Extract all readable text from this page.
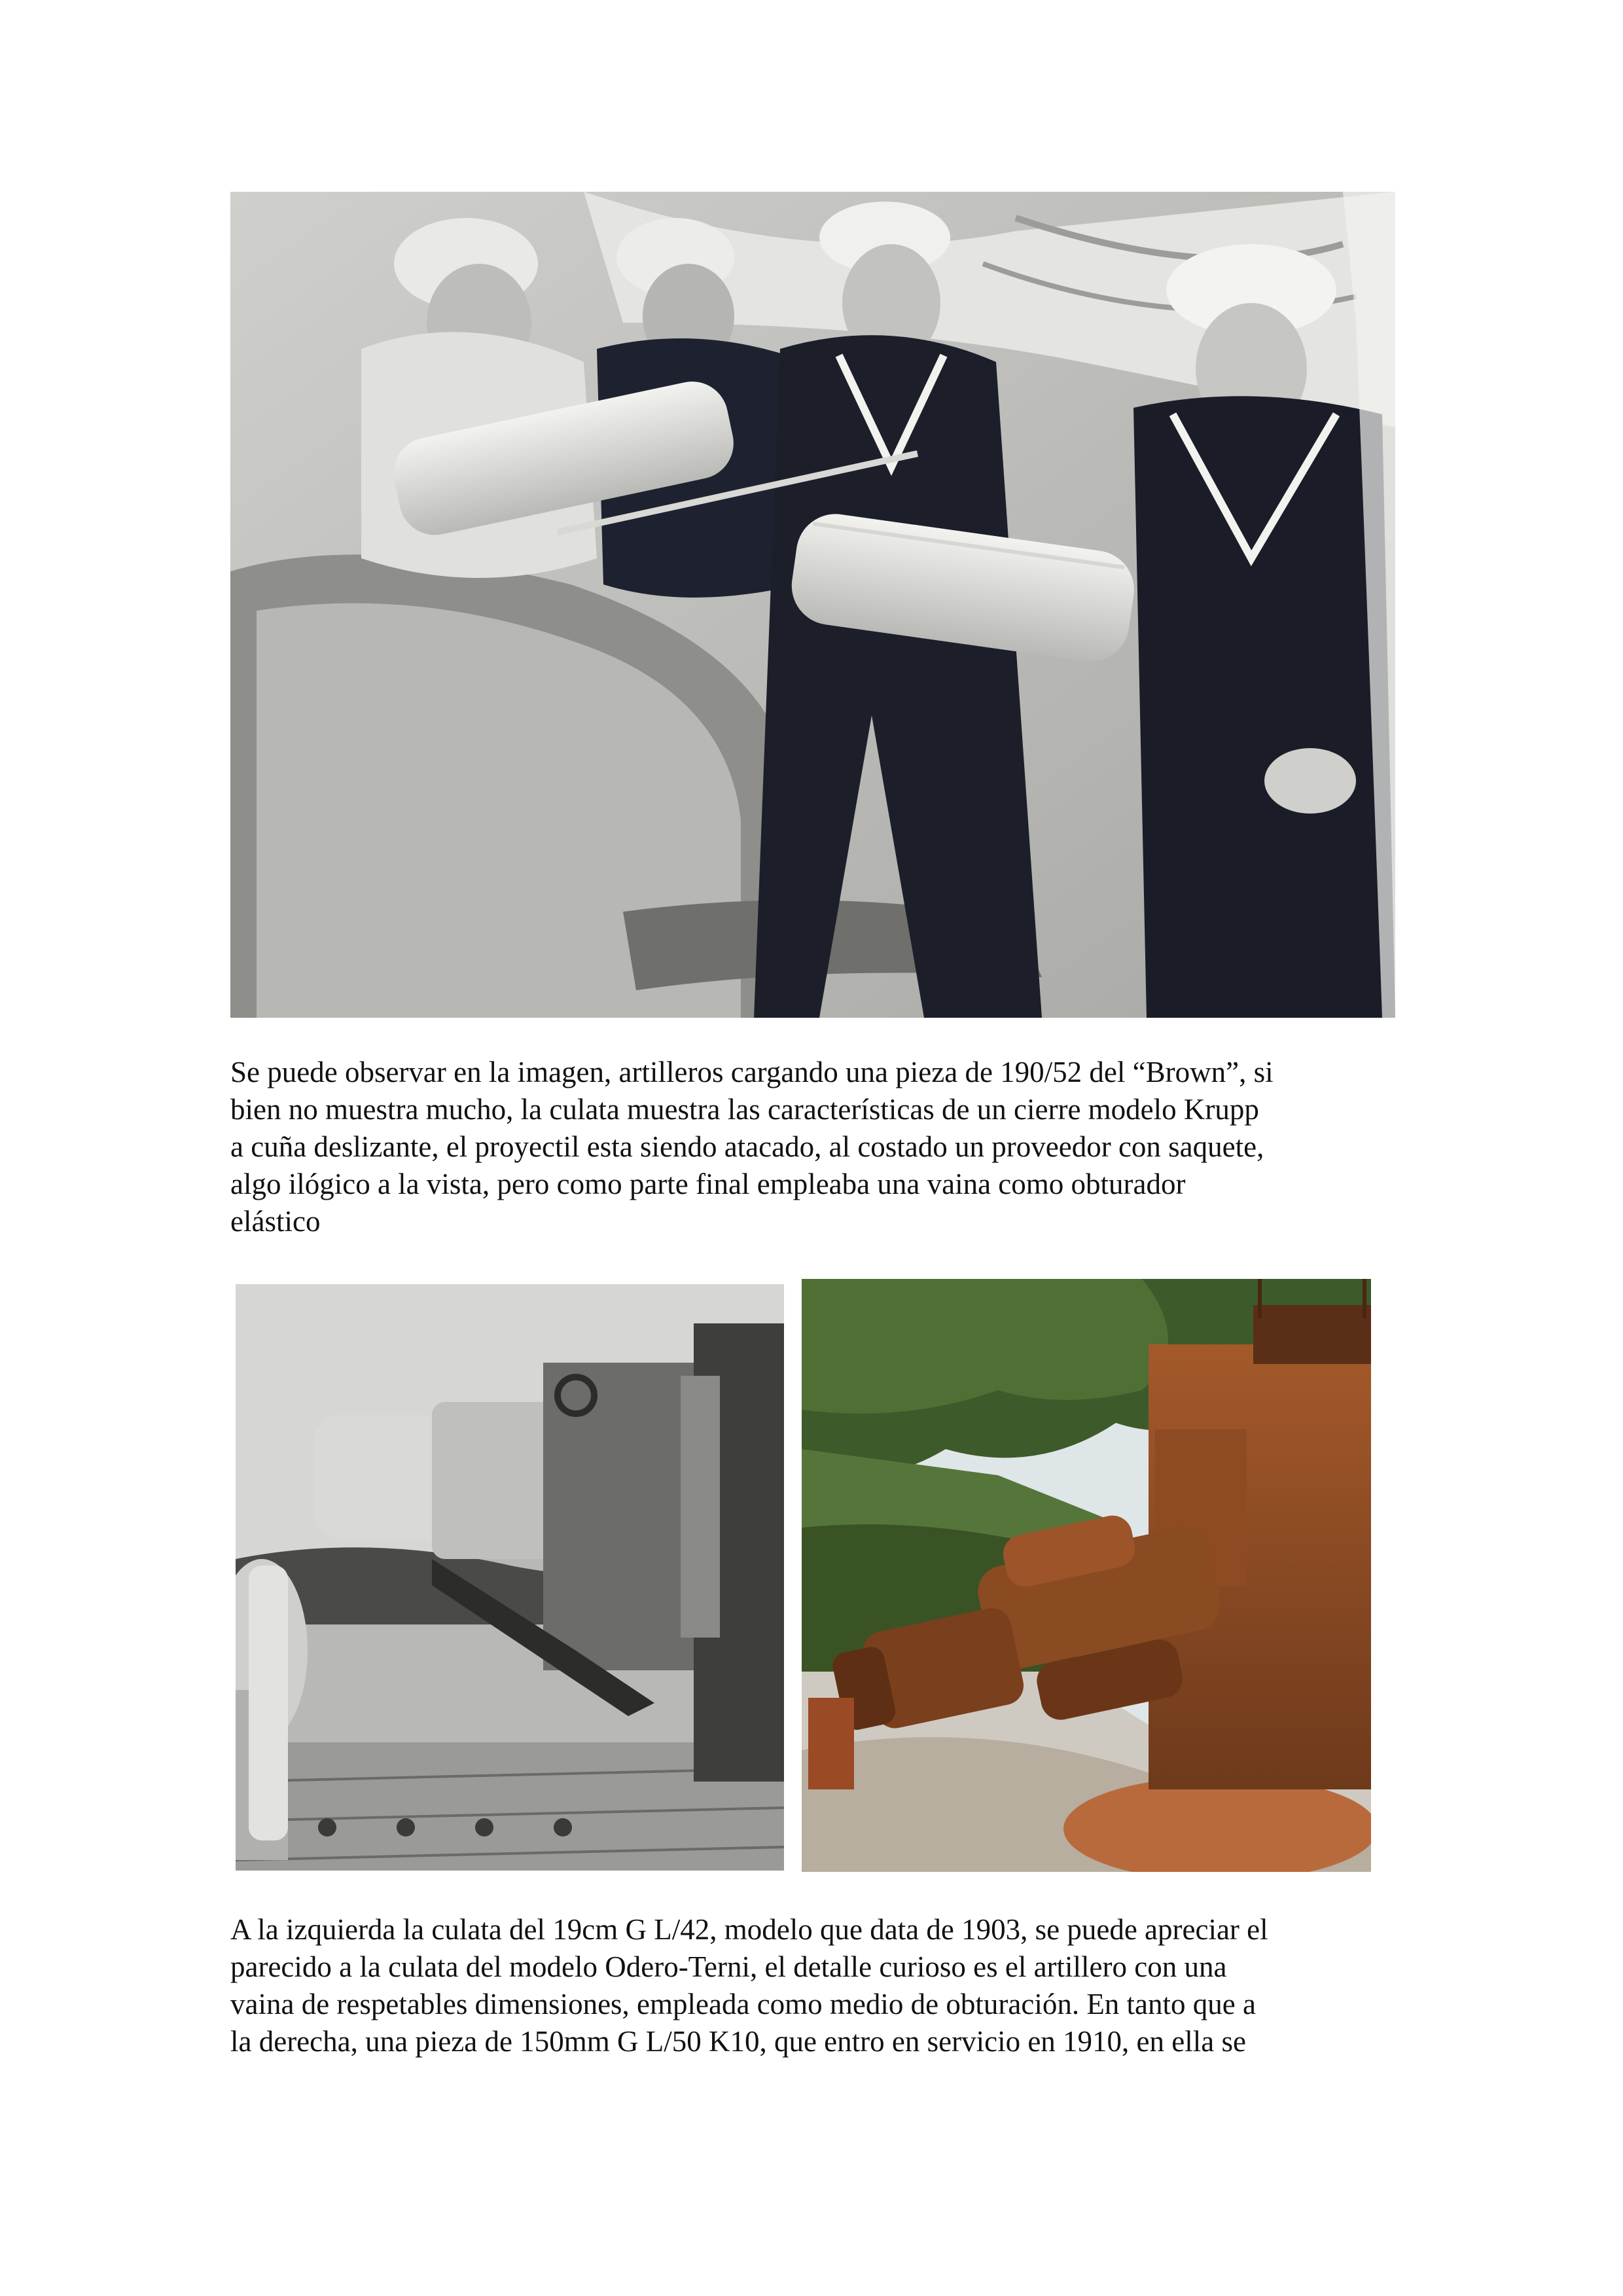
Se puede observar en la imagen, artilleros cargando una pieza de 190/52 del “Brown”, si
bien no muestra mucho, la culata muestra las características de un cierre modelo Krupp
a cuña deslizante, el proyectil esta siendo atacado, al costado un proveedor con saquete,
algo ilógico a la vista, pero como parte final empleaba una vaina como obturador
elástico

A la izquierda la culata del 19cm G L/42, modelo que data de 1903, se puede apreciar el
parecido a la culata del modelo Odero-Terni, el detalle curioso es el artillero con una
vaina de respetables dimensiones, empleada como medio de obturación. En tanto que a
la derecha, una pieza de 150mm G L/50 K10, que entro en servicio en 1910, en ella se
